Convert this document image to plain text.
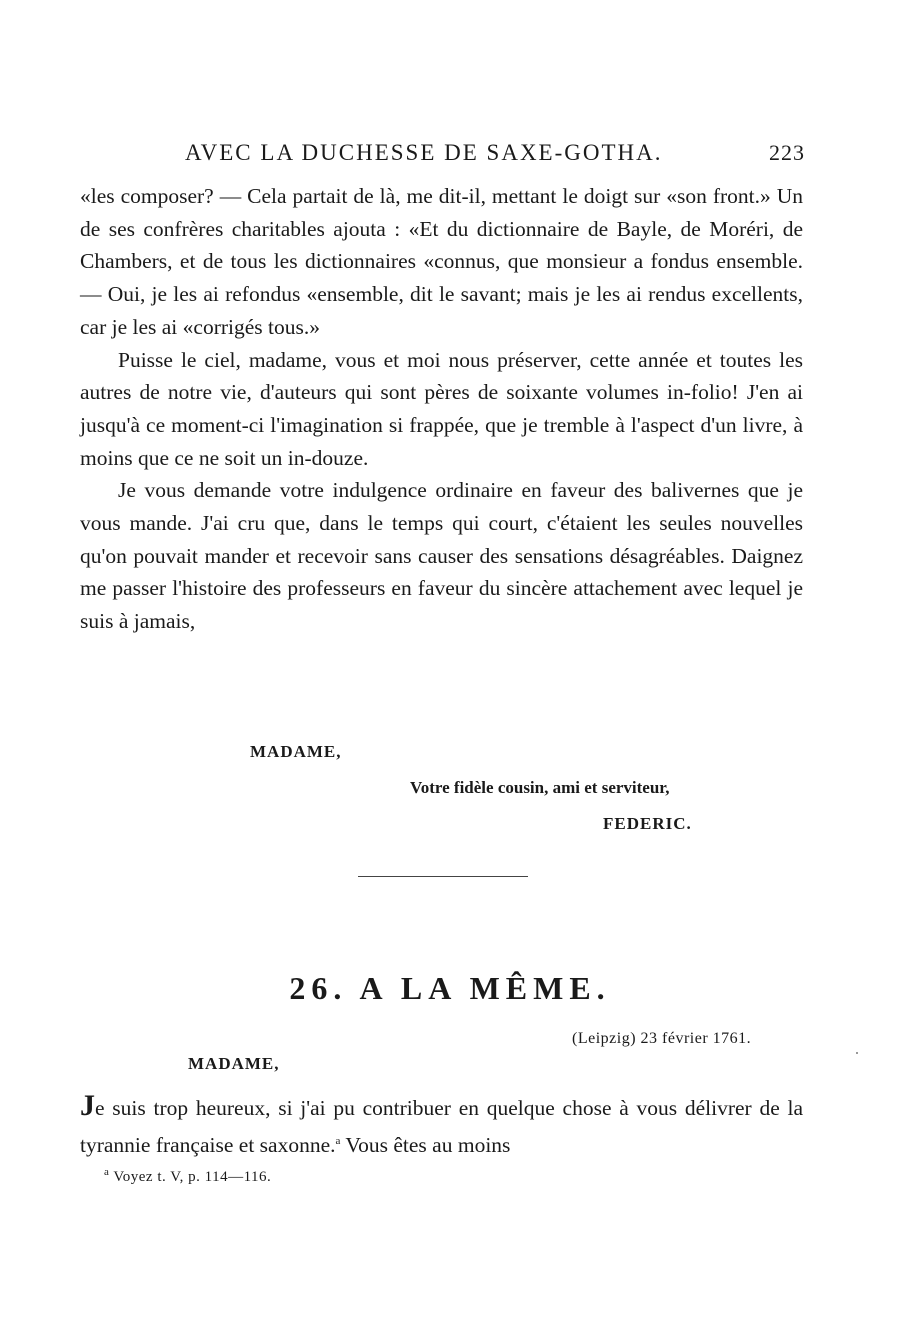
AVEC LA DUCHESSE DE SAXE-GOTHA.	223

«les composer? — Cela partait de là, me dit-il, mettant le doigt sur «son front.» Un de ses confrères charitables ajouta : «Et du dictionnaire de Bayle, de Moréri, de Chambers, et de tous les dictionnaires «connus, que monsieur a fondus ensemble. — Oui, je les ai refondus «ensemble, dit le savant; mais je les ai rendus excellents, car je les ai «corrigés tous.»

Puisse le ciel, madame, vous et moi nous préserver, cette année et toutes les autres de notre vie, d'auteurs qui sont pères de soixante volumes in-folio! J'en ai jusqu'à ce moment-ci l'imagination si frappée, que je tremble à l'aspect d'un livre, à moins que ce ne soit un in-douze.

Je vous demande votre indulgence ordinaire en faveur des balivernes que je vous mande. J'ai cru que, dans le temps qui court, c'étaient les seules nouvelles qu'on pouvait mander et recevoir sans causer des sensations désagréables. Daignez me passer l'histoire des professeurs en faveur du sincère attachement avec lequel je suis à jamais,

MADAME,
Votre fidèle cousin, ami et serviteur,
FEDERIC.
26. A LA MÊME.
(Leipzig) 23 février 1761.
MADAME,

Je suis trop heureux, si j'ai pu contribuer en quelque chose à vous délivrer de la tyrannie française et saxonne.$^a$ Vous êtes au moins

$^a$ Voyez t. V, p. 114—116.
